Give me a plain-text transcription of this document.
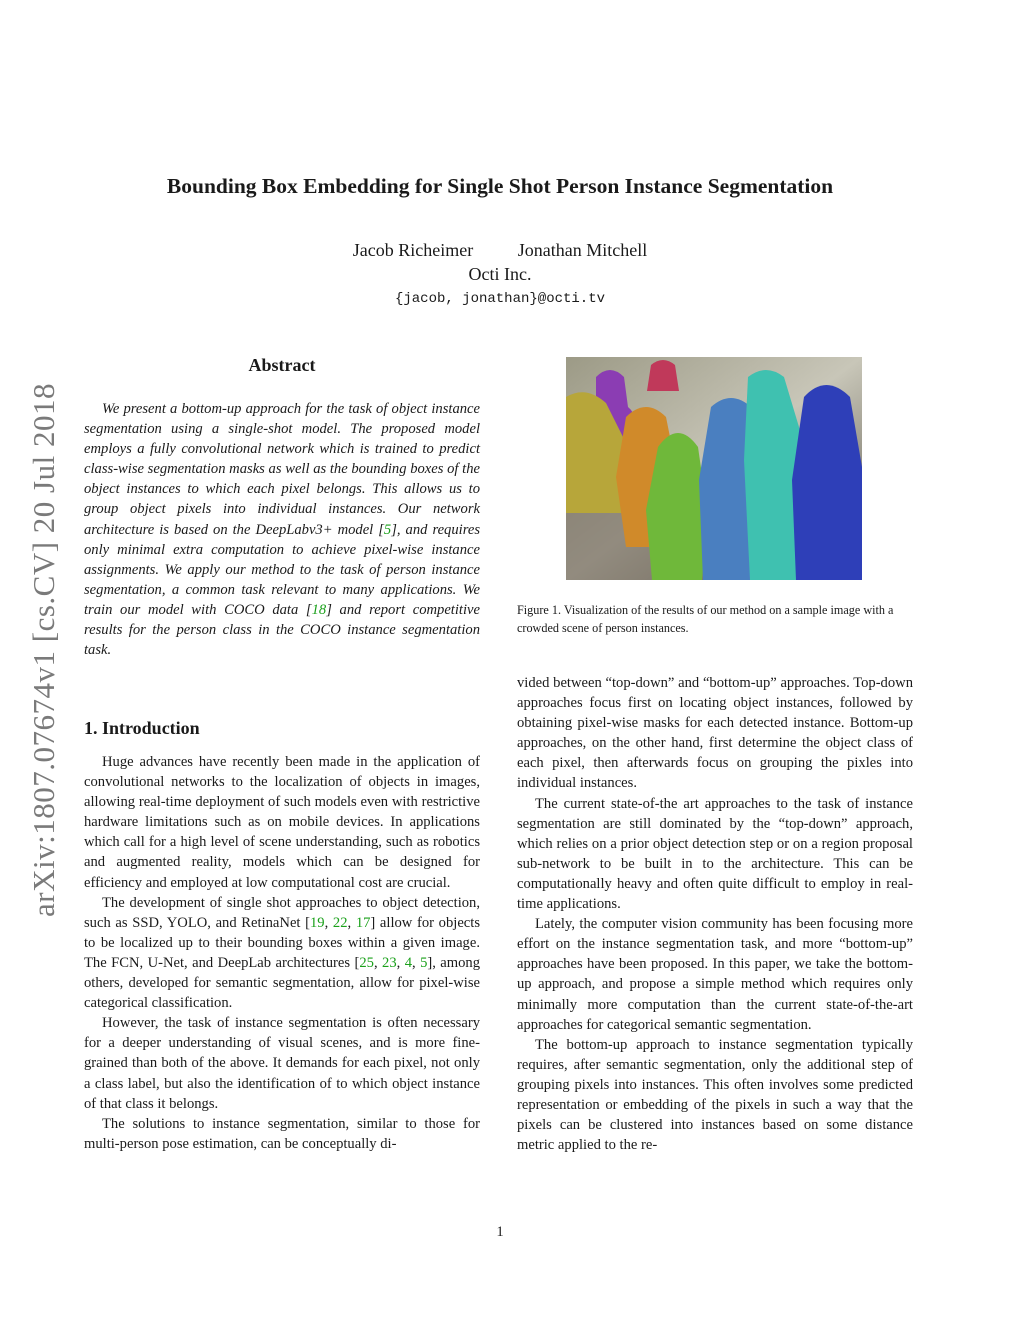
arXiv:1807.07674v1 [cs.CV] 20 Jul 2018
Bounding Box Embedding for Single Shot Person Instance Segmentation
Jacob Richeimer Jonathan Mitchell
Octi Inc.
{jacob, jonathan}@octi.tv
Abstract

We present a bottom-up approach for the task of object instance segmentation using a single-shot model. The proposed model employs a fully convolutional network which is trained to predict class-wise segmentation masks as well as the bounding boxes of the object instances to which each pixel belongs. This allows us to group object pixels into individual instances. Our network architecture is based on the DeepLabv3+ model [5], and requires only minimal extra computation to achieve pixel-wise instance assignments. We apply our method to the task of person instance segmentation, a common task relevant to many applications. We train our model with COCO data [18] and report competitive results for the person class in the COCO instance segmentation task.

1. Introduction

Huge advances have recently been made in the application of convolutional networks to the localization of objects in images, allowing real-time deployment of such models even with restrictive hardware limitations such as on mobile devices. In applications which call for a high level of scene understanding, such as robotics and augmented reality, models which can be designed for efficiency and employed at low computational cost are crucial.

The development of single shot approaches to object detection, such as SSD, YOLO, and RetinaNet [19, 22, 17] allow for objects to be localized up to their bounding boxes within a given image. The FCN, U-Net, and DeepLab architectures [25, 23, 4, 5], among others, developed for semantic segmentation, allow for pixel-wise categorical classification.

However, the task of instance segmentation is often necessary for a deeper understanding of visual scenes, and is more fine-grained than both of the above. It demands for each pixel, not only a class label, but also the identification of to which object instance of that class it belongs.

The solutions to instance segmentation, similar to those for multi-person pose estimation, can be conceptually di-

Figure 1. Visualization of the results of our method on a sample image with a crowded scene of person instances.

vided between “top-down” and “bottom-up” approaches. Top-down approaches focus first on locating object instances, followed by obtaining pixel-wise masks for each detected instance. Bottom-up approaches, on the other hand, first determine the object class of each pixel, then afterwards focus on grouping the pixles into individual instances.

The current state-of-the art approaches to the task of instance segmentation are still dominated by the “top-down” approach, which relies on a prior object detection step or on a region proposal sub-network to be built in to the architecture. This can be computationally heavy and often quite difficult to employ in real-time applications.

Lately, the computer vision community has been focusing more effort on the instance segmentation task, and more “bottom-up” approaches have been proposed. In this paper, we take the bottom-up approach, and propose a simple method which requires only minimally more computation than the current state-of-the-art approaches for categorical semantic segmentation.

The bottom-up approach to instance segmentation typically requires, after semantic segmentation, only the additional step of grouping pixels into instances. This often involves some predicted representation or embedding of the pixels in such a way that the pixels can be clustered into instances based on some distance metric applied to the re-

1
